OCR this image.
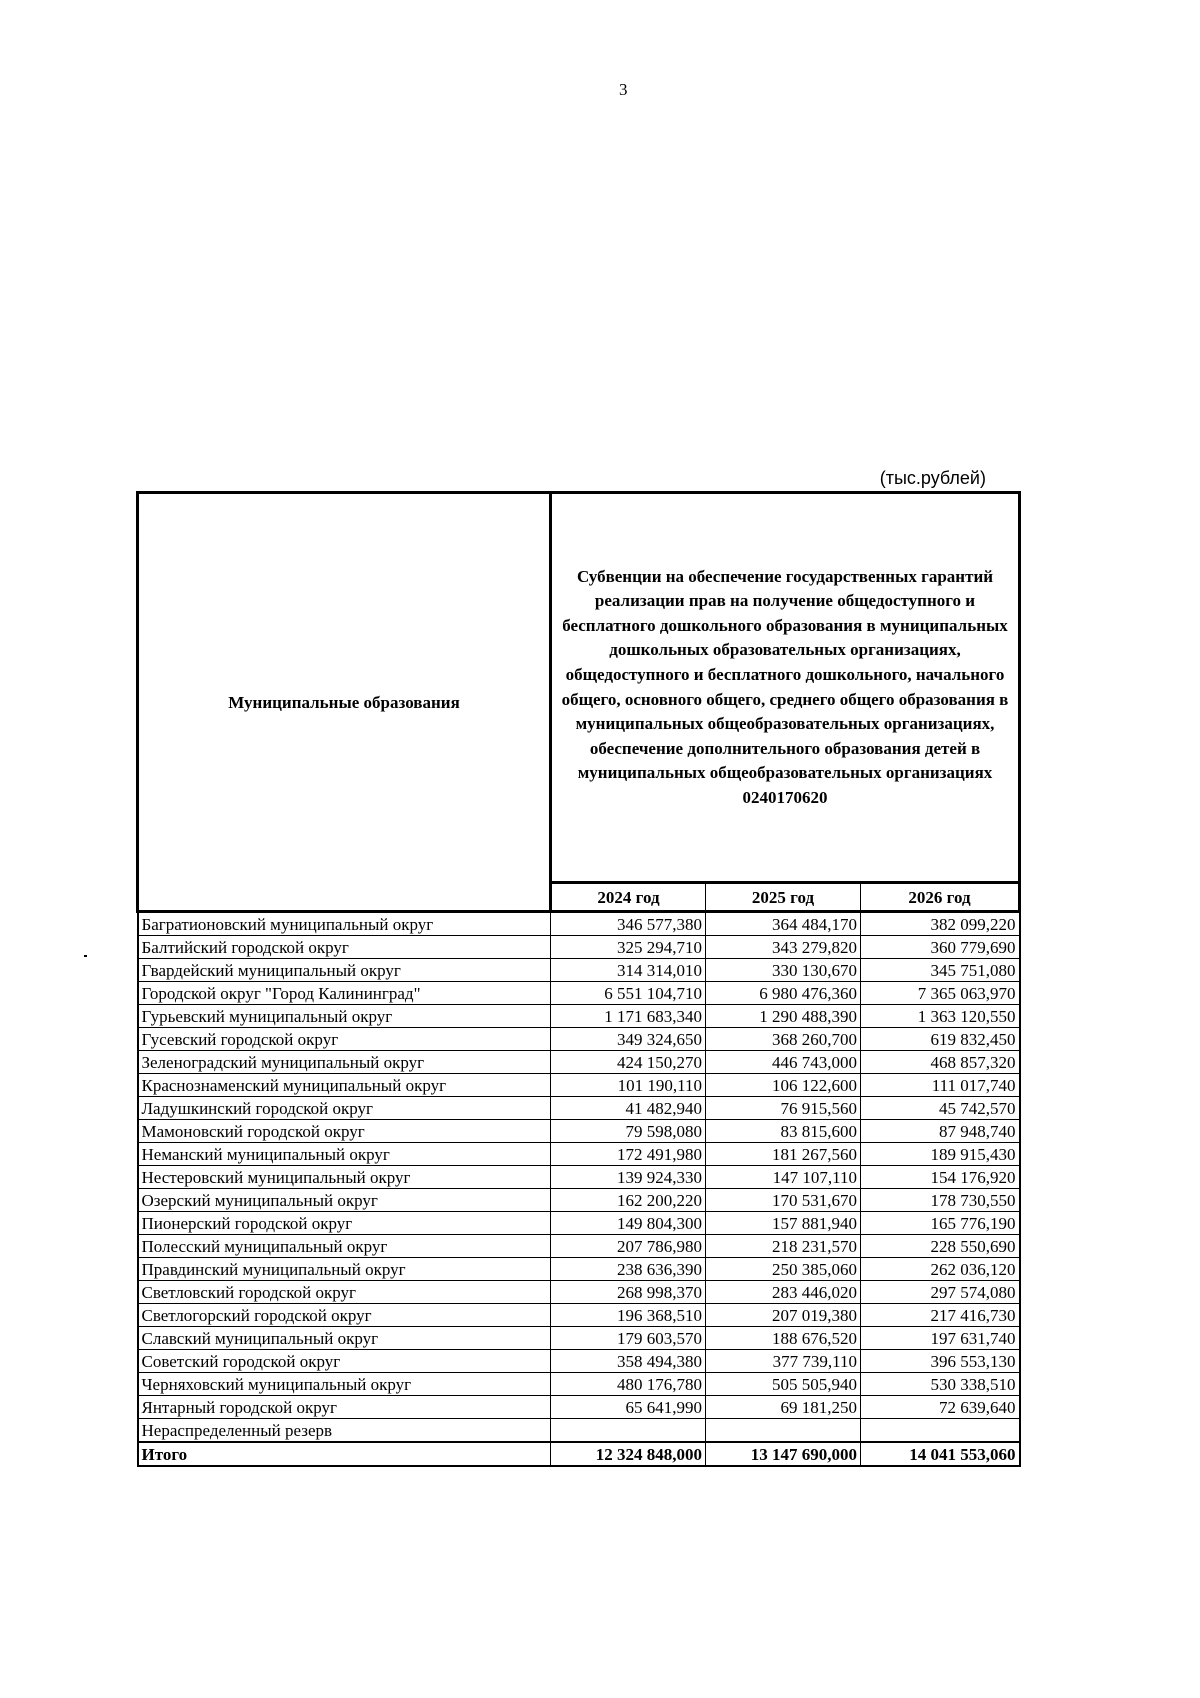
3
(тыс.рублей)
Муниципальные образования	Субвенции на обеспечение государственных гарантий реализации прав на получение общедоступного и бесплатного дошкольного образования в муниципальных дошкольных образовательных организациях, общедоступного и бесплатного дошкольного, начального общего, основного общего, среднего общего образования в муниципальных общеобразовательных организациях, обеспечение дополнительного образования детей в муниципальных общеобразовательных организациях 0240170620		
	2024 год	2025 год	2026 год
Багратионовский муниципальный округ	346 577,380	364 484,170	382 099,220
Балтийский городской округ	325 294,710	343 279,820	360 779,690
Гвардейский муниципальный округ	314 314,010	330 130,670	345 751,080
Городской округ "Город Калининград"	6 551 104,710	6 980 476,360	7 365 063,970
Гурьевский муниципальный округ	1 171 683,340	1 290 488,390	1 363 120,550
Гусевский городской округ	349 324,650	368 260,700	619 832,450
Зеленоградский муниципальный округ	424 150,270	446 743,000	468 857,320
Краснознаменский муниципальный округ	101 190,110	106 122,600	111 017,740
Ладушкинский городской округ	41 482,940	76 915,560	45 742,570
Мамоновский городской округ	79 598,080	83 815,600	87 948,740
Неманский муниципальный округ	172 491,980	181 267,560	189 915,430
Нестеровский муниципальный округ	139 924,330	147 107,110	154 176,920
Озерский муниципальный округ	162 200,220	170 531,670	178 730,550
Пионерский городской округ	149 804,300	157 881,940	165 776,190
Полесский муниципальный округ	207 786,980	218 231,570	228 550,690
Правдинский муниципальный округ	238 636,390	250 385,060	262 036,120
Светловский городской округ	268 998,370	283 446,020	297 574,080
Светлогорский городской округ	196 368,510	207 019,380	217 416,730
Славский муниципальный округ	179 603,570	188 676,520	197 631,740
Советский городской округ	358 494,380	377 739,110	396 553,130
Черняховский муниципальный округ	480 176,780	505 505,940	530 338,510
Янтарный городской округ	65 641,990	69 181,250	72 639,640
Нераспределенный резерв			
Итого	12 324 848,000	13 147 690,000	14 041 553,060
